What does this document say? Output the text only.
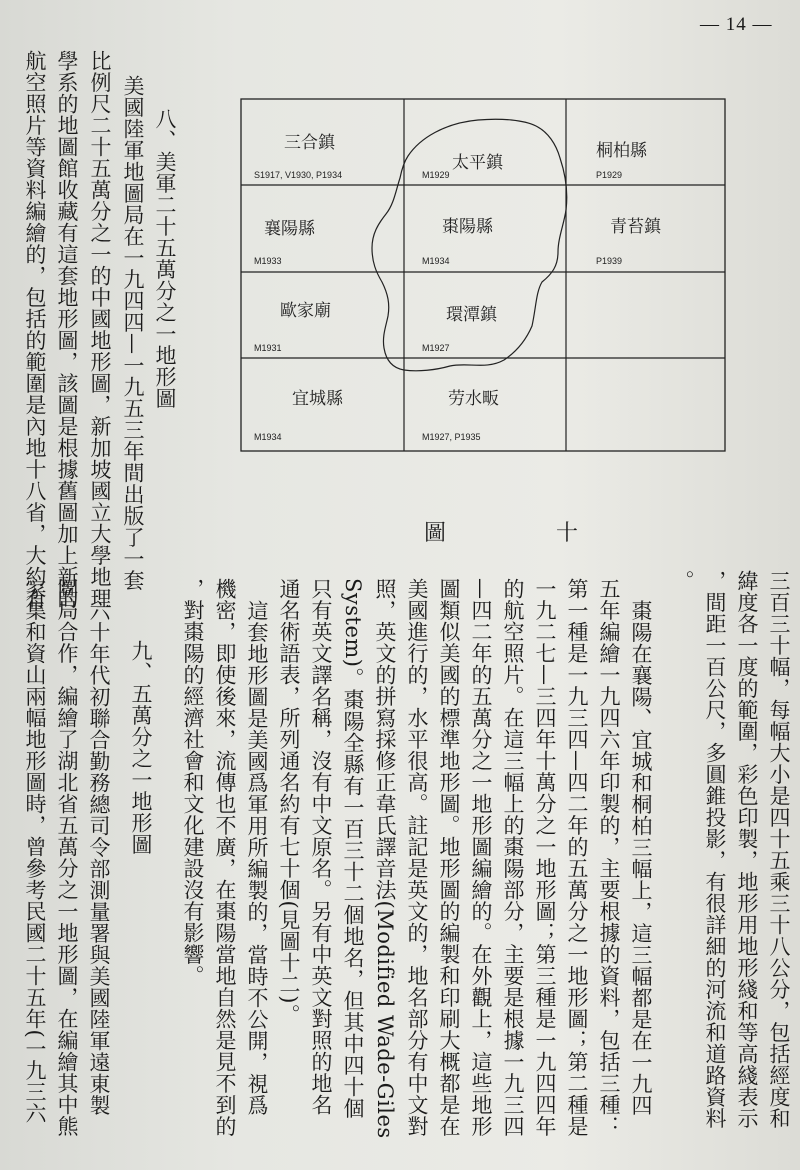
— 14 —
八、美軍二十五萬分之一地形圖
美國陸軍地圖局在一九四四—一九五三年間出版了一套
比例尺二十五萬分之一的中國地形圖，新加坡國立大學地理
學系的地圖館收藏有這套地形圖，該圖是根據舊圖加上新的
航空照片等資料編繪的，包括的範圍是內地十八省，大約有	三合鎮
S1917, V1930, P1934
太平鎮
M1929
桐柏縣
P1929
襄陽縣
M1933
棗陽縣
M1934
青苔鎮
P1939
歐家廟
M1931
環潭鎮
M1927
宜城縣
M1934
劳水畈
M1927, P1935
圖	十
三百三十幅，每幅大小是四十五乘三十八公分，包括經度和
緯度各一度的範圍，彩色印製，地形用地形綫和等高綫表示
，間距一百公尺，多圓錐投影，有很詳細的河流和道路資料
。
棗陽在襄陽、宜城和桐柏三幅上，這三幅都是在一九四
五年編繪一九四六年印製的，主要根據的資料，包括三種：
第一種是一九三四—四二年的五萬分之一地形圖；第二種是
一九二七—三四年十萬分之一地形圖；第三種是一九四四年
的航空照片。在這三幅上的棗陽部分，主要是根據一九三四
—四二年的五萬分之一地形圖編繪的。在外觀上，這些地形
圖類似美國的標準地形圖。地形圖的編製和印刷大概都是在
美國進行的，水平很高。註記是英文的，地名部分有中文對
照，英文的拼寫採修正韋氏譯音法(Modified Wade-Giles
System)。棗陽全縣有一百三十二個地名，但其中四十個
只有英文譯名稱，沒有中文原名。另有中英文對照的地名
通名術語表，所列通名約有七十個(見圖十二)。
這套地形圖是美國爲軍用所編製的，當時不公開，視爲
機密，即使後來，流傳也不廣，在棗陽當地自然是見不到的
，對棗陽的經濟社會和文化建設沒有影響。
九、五萬分之一地形圖
六十年代初聯合勤務總司令部測量署與美國陸軍遠東製
圖局合作，編繪了湖北省五萬分之一地形圖，在編繪其中熊
家集和資山兩幅地形圖時，曾參考民國二十五年(一九三六
